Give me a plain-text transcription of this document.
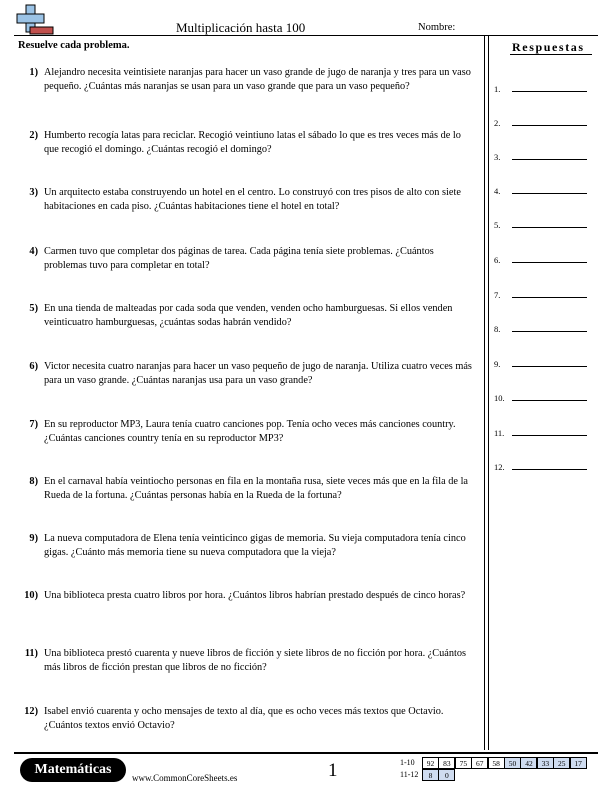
Multiplicación hasta 100	Nombre:
Resuelve cada problema.
1) Alejandro necesita veintisiete naranjas para hacer un vaso grande de jugo de naranja y tres para un vaso pequeño. ¿Cuántas más naranjas se usan para un vaso grande que para un vaso pequeño?
2) Humberto recogía latas para reciclar. Recogió veintiuno latas el sábado lo que es tres veces más de lo que recogió el domingo. ¿Cuántas recogió el domingo?
3) Un arquitecto estaba construyendo un hotel en el centro. Lo construyó con tres pisos de alto con siete habitaciones en cada piso. ¿Cuántas habitaciones tiene el hotel en total?
4) Carmen tuvo que completar dos páginas de tarea. Cada página tenía siete problemas. ¿Cuántos problemas tuvo para completar en total?
5) En una tienda de malteadas por cada soda que venden, venden ocho hamburguesas. Si ellos venden veinticuatro hamburguesas, ¿cuántas sodas habrán vendido?
6) Victor necesita cuatro naranjas para hacer un vaso pequeño de jugo de naranja. Utiliza cuatro veces más para un vaso grande. ¿Cuántas naranjas usa para un vaso grande?
7) En su reproductor MP3, Laura tenía cuatro canciones pop. Tenía ocho veces más canciones country. ¿Cuántas canciones country tenía en su reproductor MP3?
8) En el carnaval había veintiocho personas en fila en la montaña rusa, siete veces más que en la fila de la Rueda de la fortuna. ¿Cuántas personas había en la Rueda de la fortuna?
9) La nueva computadora de Elena tenía veinticinco gigas de memoria. Su vieja computadora tenía cinco gigas. ¿Cuánto más memoria tiene su nueva computadora que la vieja?
10) Una biblioteca presta cuatro libros por hora. ¿Cuántos libros habrían prestado después de cinco horas?
11) Una biblioteca prestó cuarenta y nueve libros de ficción y siete libros de no ficción por hora. ¿Cuántos más libros de ficción prestan que libros de no ficción?
12) Isabel envió cuarenta y ocho mensajes de texto al día, que es ocho veces más textos que Octavio. ¿Cuántos textos envió Octavio?
Respuestas
1.
2.
3.
4.
5.
6.
7.
8.
9.
10.
11.
12.
Matemáticas
www.CommonCoreSheets.es	1	1-10	92	83	75	67	58	50	42	33	25	17
11-12	8	0
